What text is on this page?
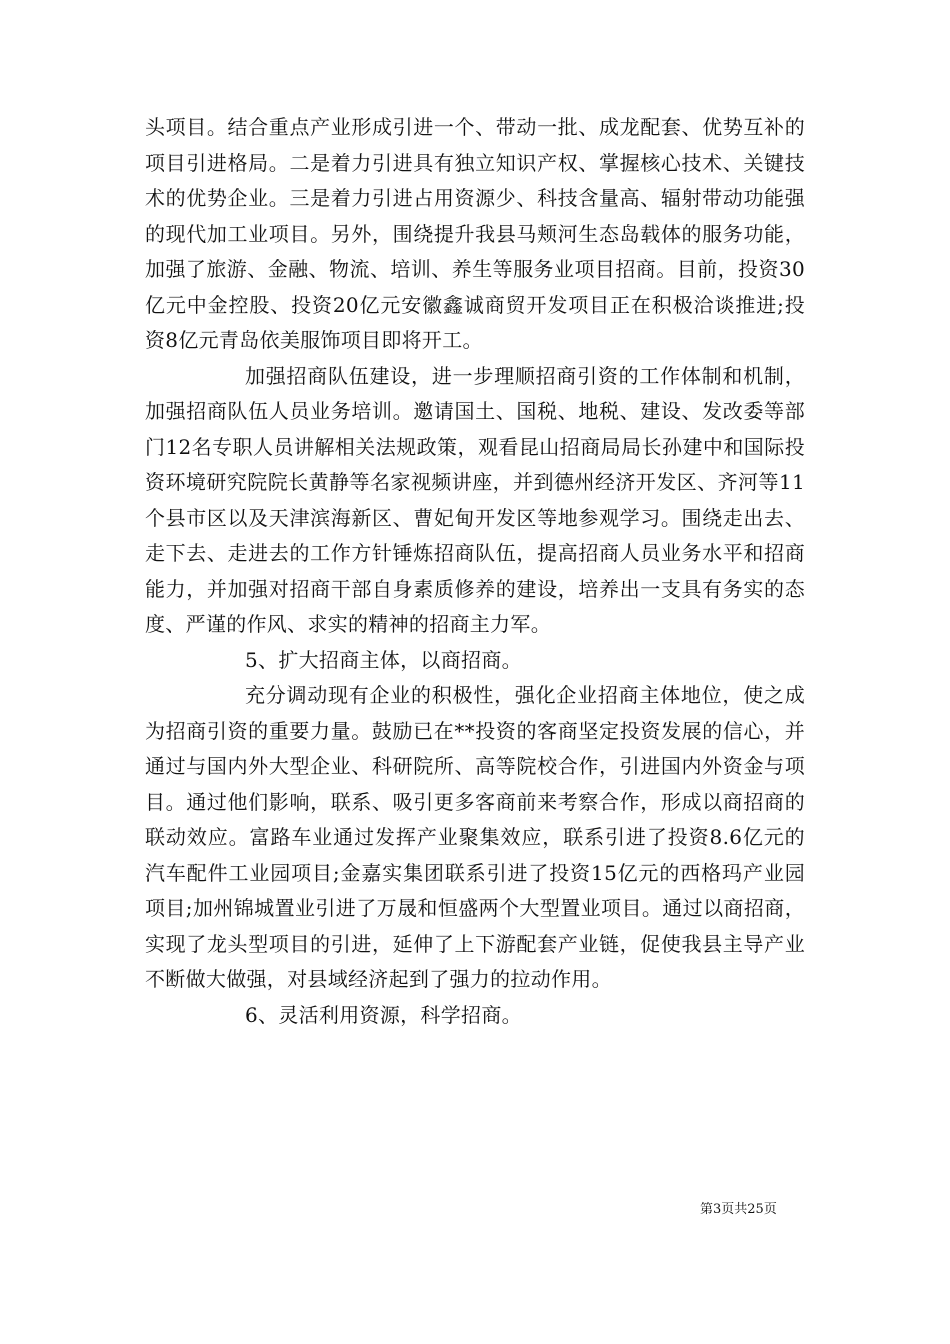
头项目。结合重点产业形成引进一个、带动一批、成龙配套、优势互补的项目引进格局。二是着力引进具有独立知识产权、掌握核心技术、关键技术的优势企业。三是着力引进占用资源少、科技含量高、辐射带动功能强的现代加工业项目。另外，围绕提升我县马颊河生态岛载体的服务功能，加强了旅游、金融、物流、培训、养生等服务业项目招商。目前，投资30亿元中金控股、投资20亿元安徽鑫诚商贸开发项目正在积极洽谈推进;投资8亿元青岛依美服饰项目即将开工。

加强招商队伍建设，进一步理顺招商引资的工作体制和机制，加强招商队伍人员业务培训。邀请国土、国税、地税、建设、发改委等部门12名专职人员讲解相关法规政策，观看昆山招商局局长孙建中和国际投资环境研究院院长黄静等名家视频讲座，并到德州经济开发区、齐河等11个县市区以及天津滨海新区、曹妃甸开发区等地参观学习。围绕走出去、走下去、走进去的工作方针锤炼招商队伍，提高招商人员业务水平和招商能力，并加强对招商干部自身素质修养的建设，培养出一支具有务实的态度、严谨的作风、求实的精神的招商主力军。

5、扩大招商主体，以商招商。

充分调动现有企业的积极性，强化企业招商主体地位，使之成为招商引资的重要力量。鼓励已在**投资的客商坚定投资发展的信心，并通过与国内外大型企业、科研院所、高等院校合作，引进国内外资金与项目。通过他们影响，联系、吸引更多客商前来考察合作，形成以商招商的联动效应。富路车业通过发挥产业聚集效应，联系引进了投资8.6亿元的汽车配件工业园项目;金嘉实集团联系引进了投资15亿元的西格玛产业园项目;加州锦城置业引进了万晟和恒盛两个大型置业项目。通过以商招商，实现了龙头型项目的引进，延伸了上下游配套产业链，促使我县主导产业不断做大做强，对县域经济起到了强力的拉动作用。

6、灵活利用资源，科学招商。

第3页共25页
